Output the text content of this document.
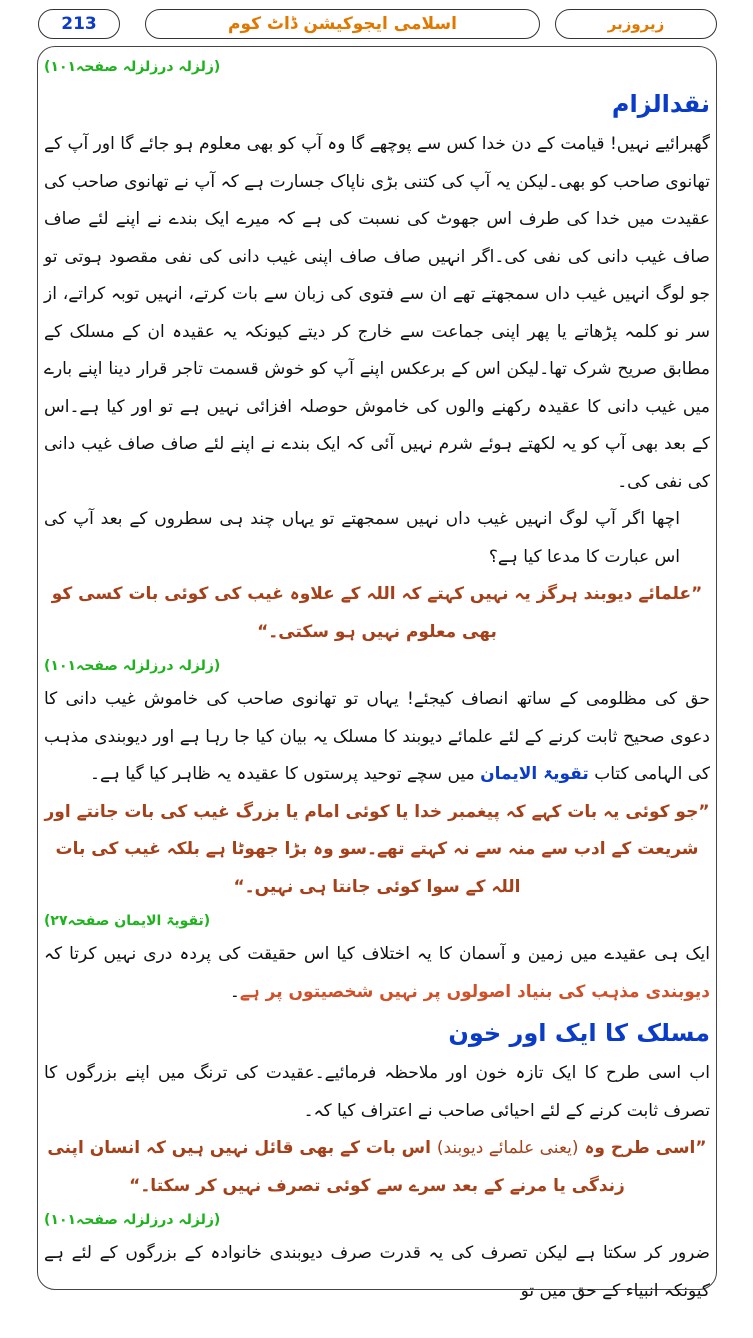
213	اسلامی ایجوکیشن ڈاٹ کوم	زیروزبر
(زلزلہ درزلزلہ صفحہ۱۰۱)
نقدالزام
گھبرائیے نہیں! قیامت کے دن خدا کس سے پوچھے گا وہ آپ کو بھی معلوم ہو جائے گا اور آپ کے تھانوی صاحب کو بھی۔لیکن یہ آپ کی کتنی بڑی ناپاک جسارت ہے کہ آپ نے تھانوی صاحب کی عقیدت میں خدا کی طرف اس جھوٹ کی نسبت کی ہے کہ میرے ایک بندے نے اپنے لئے صاف صاف غیب دانی کی نفی کی۔اگر انہیں صاف صاف اپنی غیب دانی کی نفی مقصود ہوتی تو جو لوگ انہیں غیب داں سمجھتے تھے ان سے فتوی کی زبان سے بات کرتے، انہیں توبہ کراتے، از سر نو کلمہ پڑھاتے یا پھر اپنی جماعت سے خارج کر دیتے کیونکہ یہ عقیدہ ان کے مسلک کے مطابق صریح شرک تھا۔لیکن اس کے برعکس اپنے آپ کو خوش قسمت تاجر قرار دینا اپنے بارے میں غیب دانی کا عقیدہ رکھنے والوں کی خاموش حوصلہ افزائی نہیں ہے تو اور کیا ہے۔اس کے بعد بھی آپ کو یہ لکھتے ہوئے شرم نہیں آئی کہ ایک بندے نے اپنے لئے صاف صاف غیب دانی کی نفی کی۔
اچھا اگر آپ لوگ انہیں غیب داں نہیں سمجھتے تو یہاں چند ہی سطروں کے بعد آپ کی اس عبارت کا مدعا کیا ہے؟
”علمائے دیوبند ہرگز یہ نہیں کہتے کہ اللہ کے علاوہ غیب کی کوئی بات کسی کو بھی معلوم نہیں ہو سکتی۔“
(زلزلہ درزلزلہ صفحہ۱۰۱)
حق کی مظلومی کے ساتھ انصاف کیجئے! یہاں تو تھانوی صاحب کی خاموش غیب دانی کا دعوی صحیح ثابت کرنے کے لئے علمائے دیوبند کا مسلک یہ بیان کیا جا رہا ہے اور دیوبندی مذہب کی الہامی کتاب تقویۃ الایمان میں سچے توحید پرستوں کا عقیدہ یہ ظاہر کیا گیا ہے۔
”جو کوئی یہ بات کہے کہ پیغمبر خدا یا کوئی امام یا بزرگ غیب کی بات جانتے اور شریعت کے ادب سے منہ سے نہ کہتے تھے۔سو وہ بڑا جھوٹا ہے بلکہ غیب کی بات اللہ کے سوا کوئی جانتا ہی نہیں۔“
(تقویۃ الایمان صفحہ۲۷)
ایک ہی عقیدے میں زمین و آسمان کا یہ اختلاف کیا اس حقیقت کی پردہ دری نہیں کرتا کہ دیوبندی مذہب کی بنیاد اصولوں پر نہیں شخصیتوں پر ہے۔
مسلک کا ایک اور خون
اب اسی طرح کا ایک تازہ خون اور ملاحظہ فرمائیے۔عقیدت کی ترنگ میں اپنے بزرگوں کا تصرف ثابت کرنے کے لئے احیائی صاحب نے اعتراف کیا کہ۔
”اسی طرح وہ (یعنی علمائے دیوبند) اس بات کے بھی قائل نہیں ہیں کہ انسان اپنی زندگی یا مرنے کے بعد سرے سے کوئی تصرف نہیں کر سکتا۔“
(زلزلہ درزلزلہ صفحہ۱۰۱)
ضرور کر سکتا ہے لیکن تصرف کی یہ قدرت صرف دیوبندی خانوادہ کے بزرگوں کے لئے ہے کیونکہ انبیاء کے حق میں تو
